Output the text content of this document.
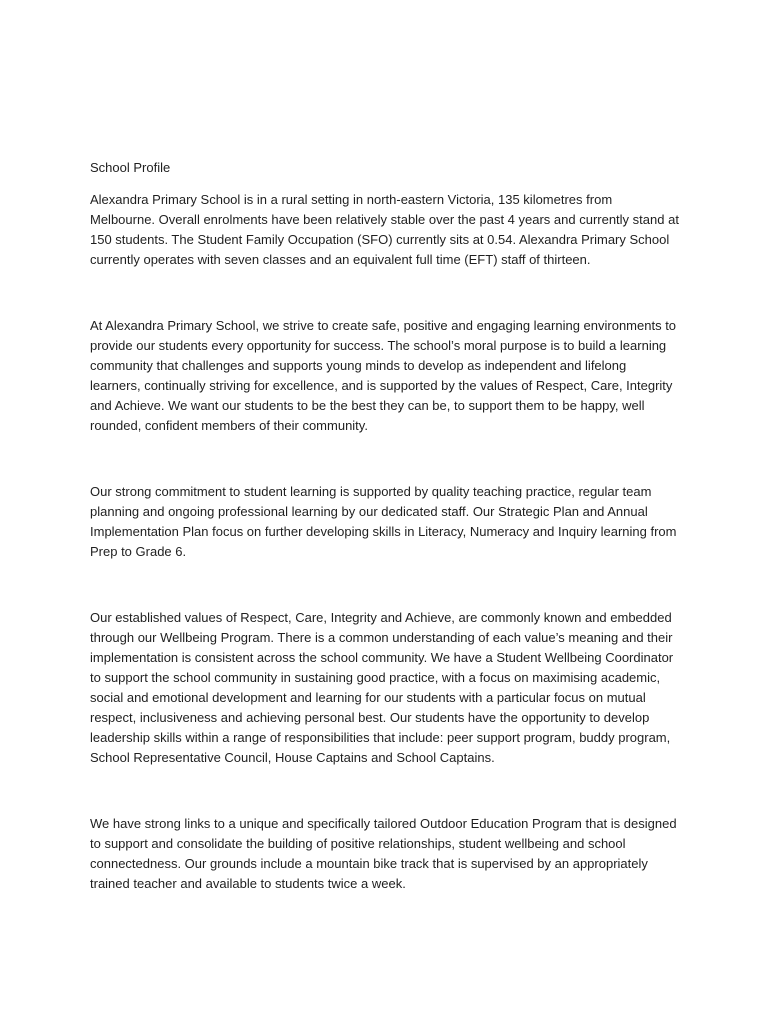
School Profile

Alexandra Primary School is in a rural setting in north-eastern Victoria, 135 kilometres from Melbourne. Overall enrolments have been relatively stable over the past 4 years and currently stand at 150 students. The Student Family Occupation (SFO) currently sits at 0.54. Alexandra Primary School currently operates with seven classes and an equivalent full time (EFT) staff of thirteen.

At Alexandra Primary School, we strive to create safe, positive and engaging learning environments to provide our students every opportunity for success. The school’s moral purpose is to build a learning community that challenges and supports young minds to develop as independent and lifelong learners, continually striving for excellence, and is supported by the values of Respect, Care, Integrity and Achieve. We want our students to be the best they can be, to support them to be happy, well rounded, confident members of their community.

Our strong commitment to student learning is supported by quality teaching practice, regular team planning and ongoing professional learning by our dedicated staff. Our Strategic Plan and Annual Implementation Plan focus on further developing skills in Literacy, Numeracy and Inquiry learning from Prep to Grade 6.

Our established values of Respect, Care, Integrity and Achieve, are commonly known and embedded through our Wellbeing Program. There is a common understanding of each value’s meaning and their implementation is consistent across the school community. We have a Student Wellbeing Coordinator to support the school community in sustaining good practice, with a focus on maximising academic, social and emotional development and learning for our students with a particular focus on mutual respect, inclusiveness and achieving personal best. Our students have the opportunity to develop leadership skills within a range of responsibilities that include: peer support program, buddy program, School Representative Council, House Captains and School Captains.

We have strong links to a unique and specifically tailored Outdoor Education Program that is designed to support and consolidate the building of positive relationships, student wellbeing and school connectedness. Our grounds include a mountain bike track that is supervised by an appropriately trained teacher and available to students twice a week.
